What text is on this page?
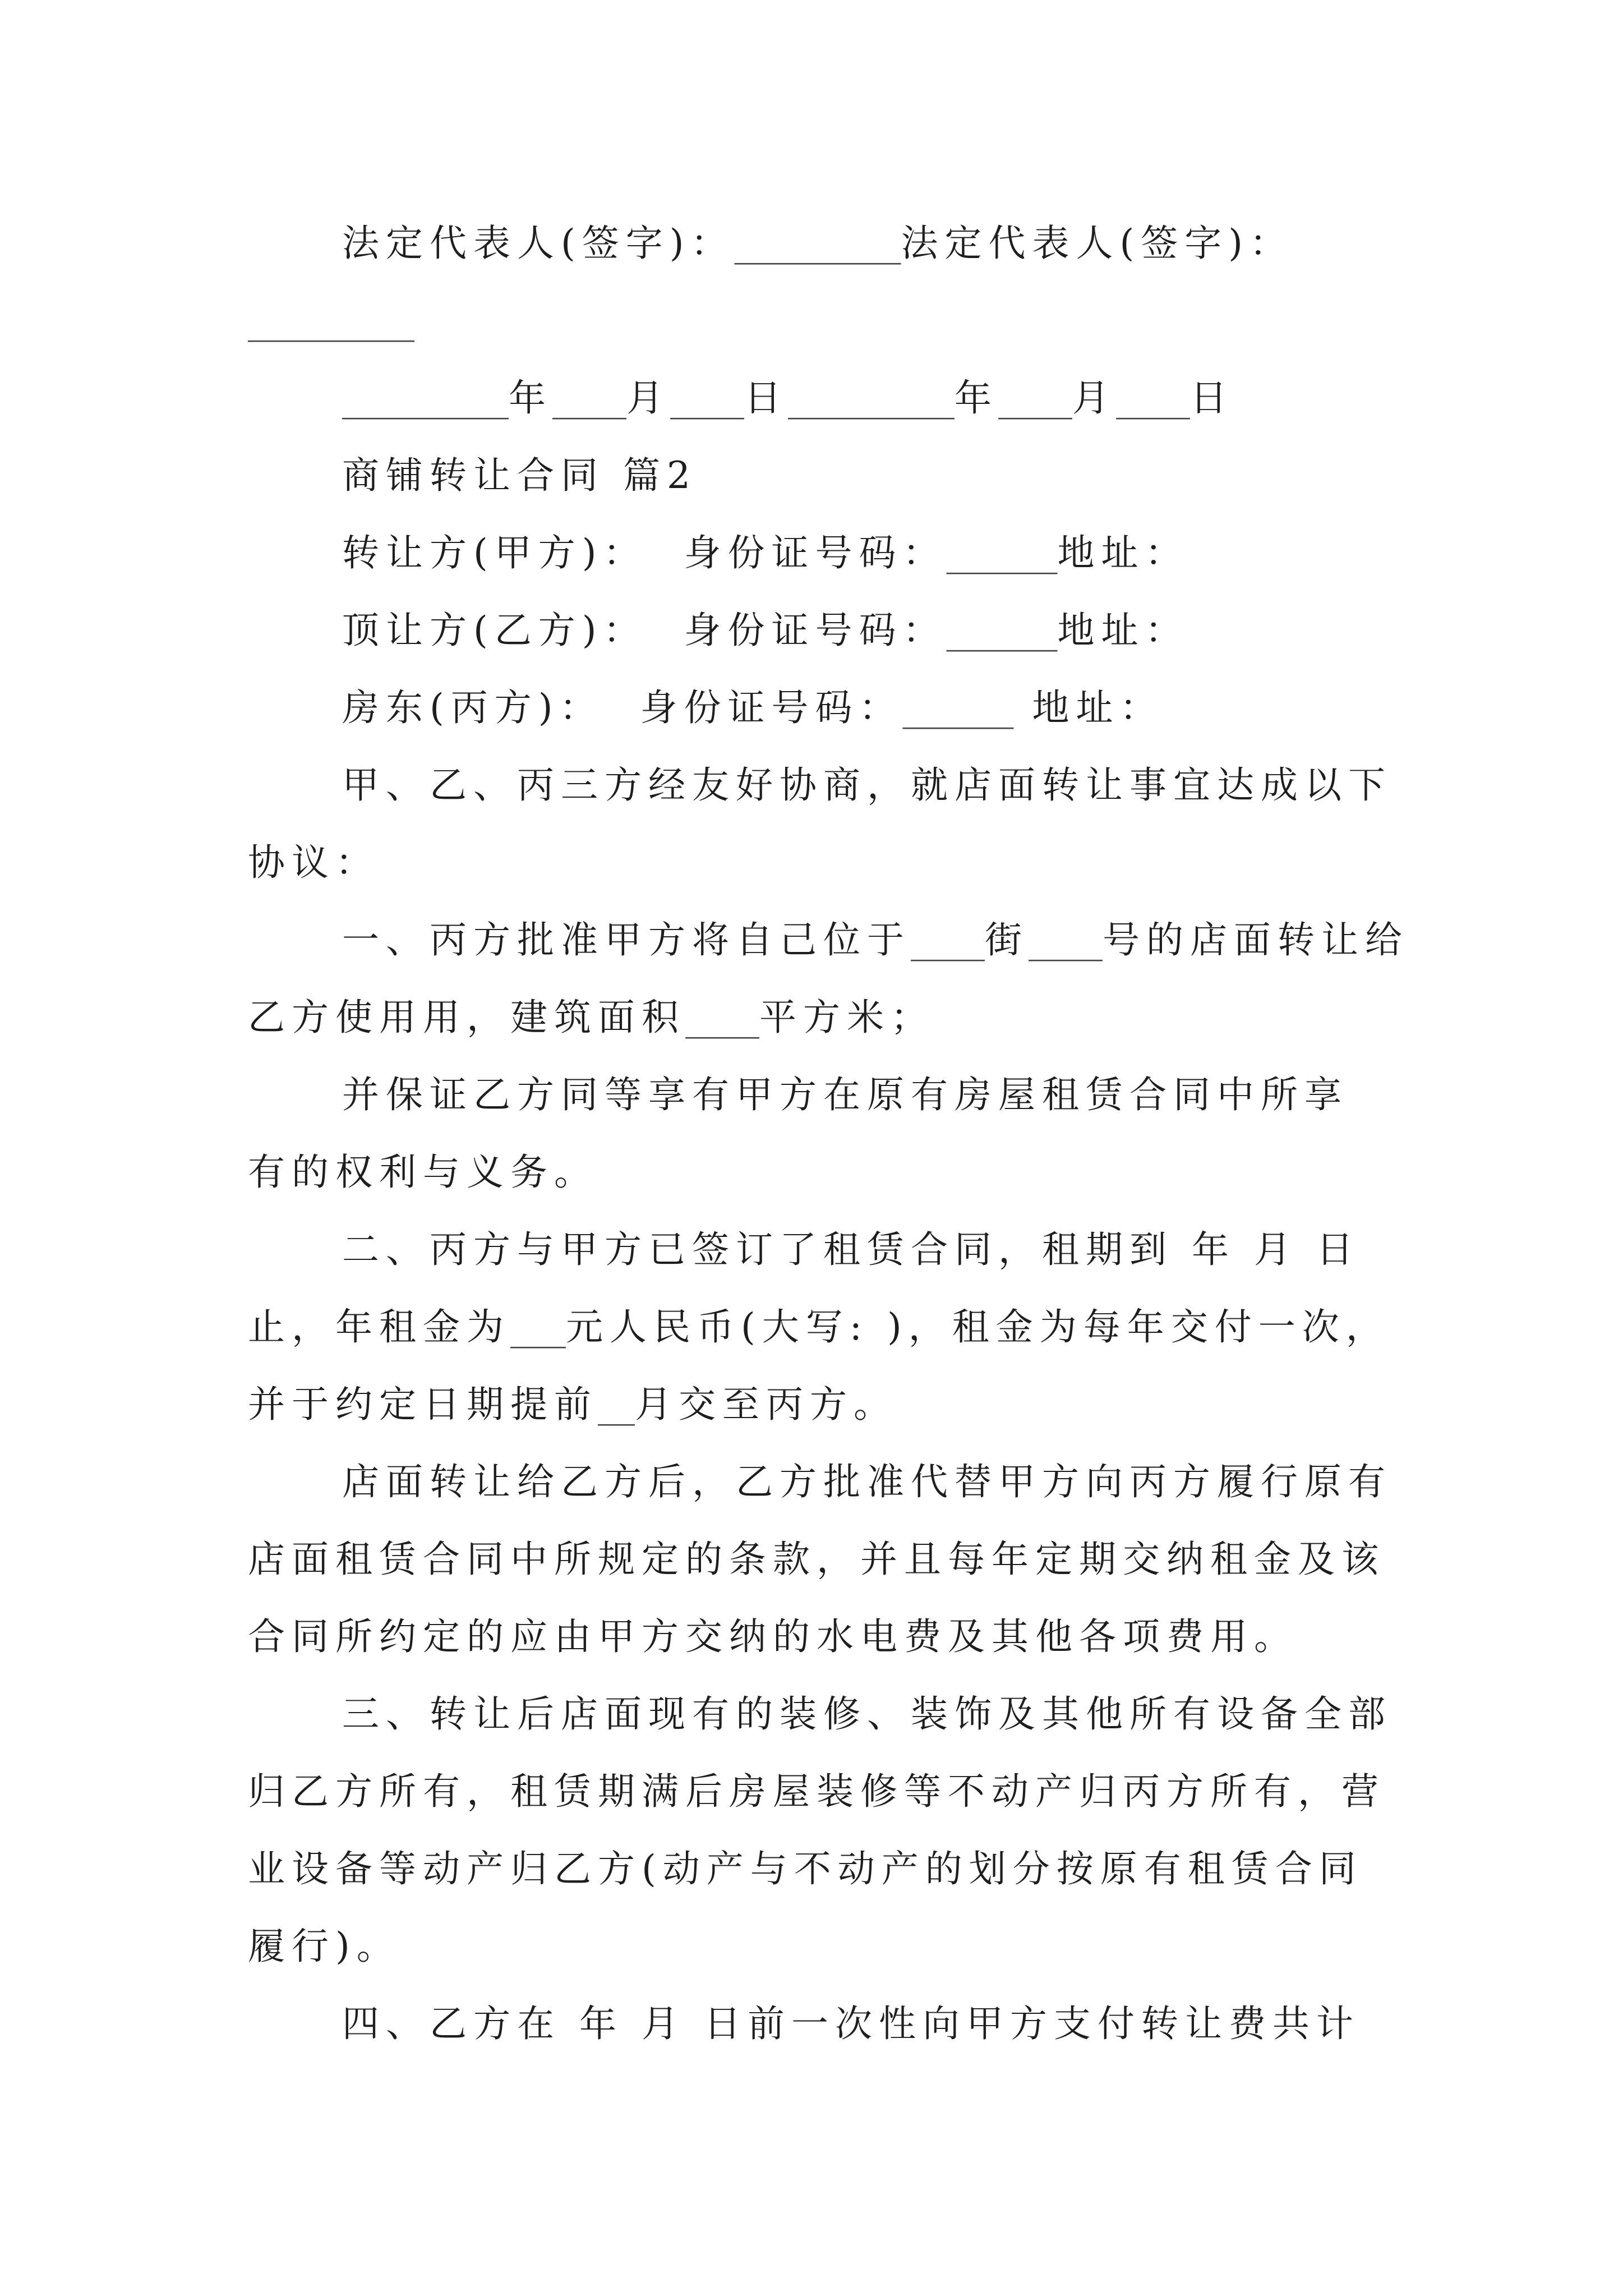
法定代表人(签字)：_________法定代表人(签字)：
_________
_________年____月____日_________年____月____日
商铺转让合同 篇2
转让方(甲方)：  身份证号码：______地址：
顶让方(乙方)：  身份证号码：______地址：
房东(丙方)：  身份证号码：______ 地址：
甲、乙、丙三方经友好协商，就店面转让事宜达成以下
协议：
一、丙方批准甲方将自己位于____街____号的店面转让给
乙方使用用，建筑面积____平方米；
并保证乙方同等享有甲方在原有房屋租赁合同中所享
有的权利与义务。
二、丙方与甲方已签订了租赁合同，租期到 年 月 日
止，年租金为___元人民币(大写: )，租金为每年交付一次，
并于约定日期提前__月交至丙方。
店面转让给乙方后，乙方批准代替甲方向丙方履行原有
店面租赁合同中所规定的条款，并且每年定期交纳租金及该
合同所约定的应由甲方交纳的水电费及其他各项费用。
三、转让后店面现有的装修、装饰及其他所有设备全部
归乙方所有，租赁期满后房屋装修等不动产归丙方所有，营
业设备等动产归乙方(动产与不动产的划分按原有租赁合同
履行)。
四、乙方在 年 月 日前一次性向甲方支付转让费共计
